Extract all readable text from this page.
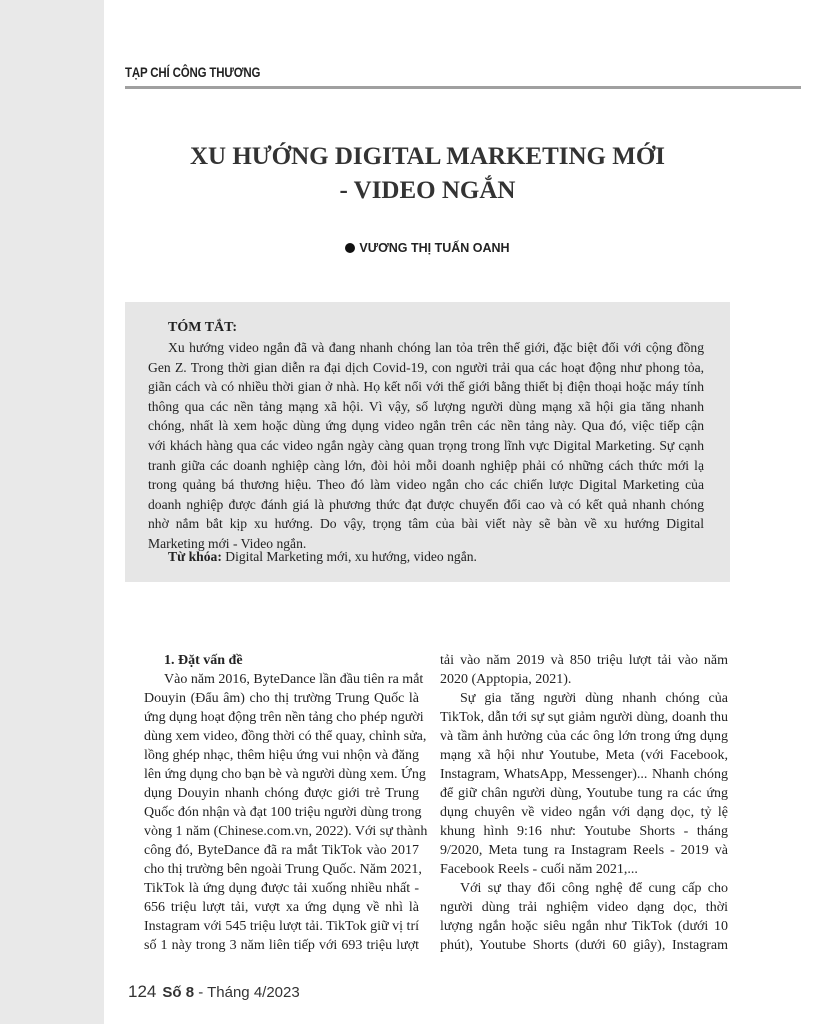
TẠP CHÍ CÔNG THƯƠNG
XU HƯỚNG DIGITAL MARKETING MỚI
- VIDEO NGẮN
VƯƠNG THỊ TUẤN OANH
TÓM TẮT:
Xu hướng video ngắn đã và đang nhanh chóng lan tỏa trên thế giới, đặc biệt đối với cộng đồng
Gen Z. Trong thời gian diễn ra đại dịch Covid-19, con người trải qua các hoạt động như phong tỏa,
giãn cách và có nhiều thời gian ở nhà. Họ kết nối với thế giới bằng thiết bị điện thoại hoặc máy tính
thông qua các nền tảng mạng xã hội. Vì vậy, số lượng người dùng mạng xã hội gia tăng nhanh
chóng, nhất là xem hoặc dùng ứng dụng video ngắn trên các nền tảng này. Qua đó, việc tiếp cận
với khách hàng qua các video ngắn ngày càng quan trọng trong lĩnh vực Digital Marketing. Sự cạnh
tranh giữa các doanh nghiệp càng lớn, đòi hỏi mỗi doanh nghiệp phải có những cách thức mới lạ
trong quảng bá thương hiệu. Theo đó làm video ngắn cho các chiến lược Digital Marketing của
doanh nghiệp được đánh giá là phương thức đạt được chuyển đổi cao và có kết quả nhanh chóng
nhờ nắm bắt kịp xu hướng. Do vậy, trọng tâm của bài viết này sẽ bàn về xu hướng Digital
Marketing mới - Video ngắn.
Từ khóa: Digital Marketing mới, xu hướng, video ngắn.
1. Đặt vấn đề
Vào năm 2016, ByteDance lần đầu tiên ra mắt
Douyin (Đẩu âm) cho thị trường Trung Quốc là
ứng dụng hoạt động trên nền tảng cho phép người
dùng xem video, đồng thời có thể quay, chỉnh sửa,
lồng ghép nhạc, thêm hiệu ứng vui nhộn và đăng
lên ứng dụng cho bạn bè và người dùng xem. Ứng
dụng Douyin nhanh chóng được giới trẻ Trung
Quốc đón nhận và đạt 100 triệu người dùng trong
vòng 1 năm (Chinese.com.vn, 2022). Với sự thành
công đó, ByteDance đã ra mắt TikTok vào 2017
cho thị trường bên ngoài Trung Quốc. Năm 2021,
TikTok là ứng dụng được tải xuống nhiều nhất -
656 triệu lượt tải, vượt xa ứng dụng về nhì là
Instagram với 545 triệu lượt tải. TikTok giữ vị trí
số 1 này trong 3 năm liên tiếp với 693 triệu lượt
tải vào năm 2019 và 850 triệu lượt tải vào năm
2020 (Apptopia, 2021).
Sự gia tăng người dùng nhanh chóng của
TikTok, dẫn tới sự sụt giảm người dùng, doanh thu
và tầm ảnh hưởng của các ông lớn trong ứng dụng
mạng xã hội như Youtube, Meta (với Facebook,
Instagram, WhatsApp, Messenger)... Nhanh chóng
để giữ chân người dùng, Youtube tung ra các ứng
dụng chuyên về video ngắn với dạng dọc, tỷ lệ
khung hình 9:16 như: Youtube Shorts - tháng
9/2020, Meta tung ra Instagram Reels - 2019 và
Facebook Reels - cuối năm 2021,...
Với sự thay đổi công nghệ để cung cấp cho
người dùng trải nghiệm video dạng dọc, thời
lượng ngắn hoặc siêu ngắn như TikTok (dưới 10
phút), Youtube Shorts (dưới 60 giây), Instagram
124 Số 8 - Tháng 4/2023
